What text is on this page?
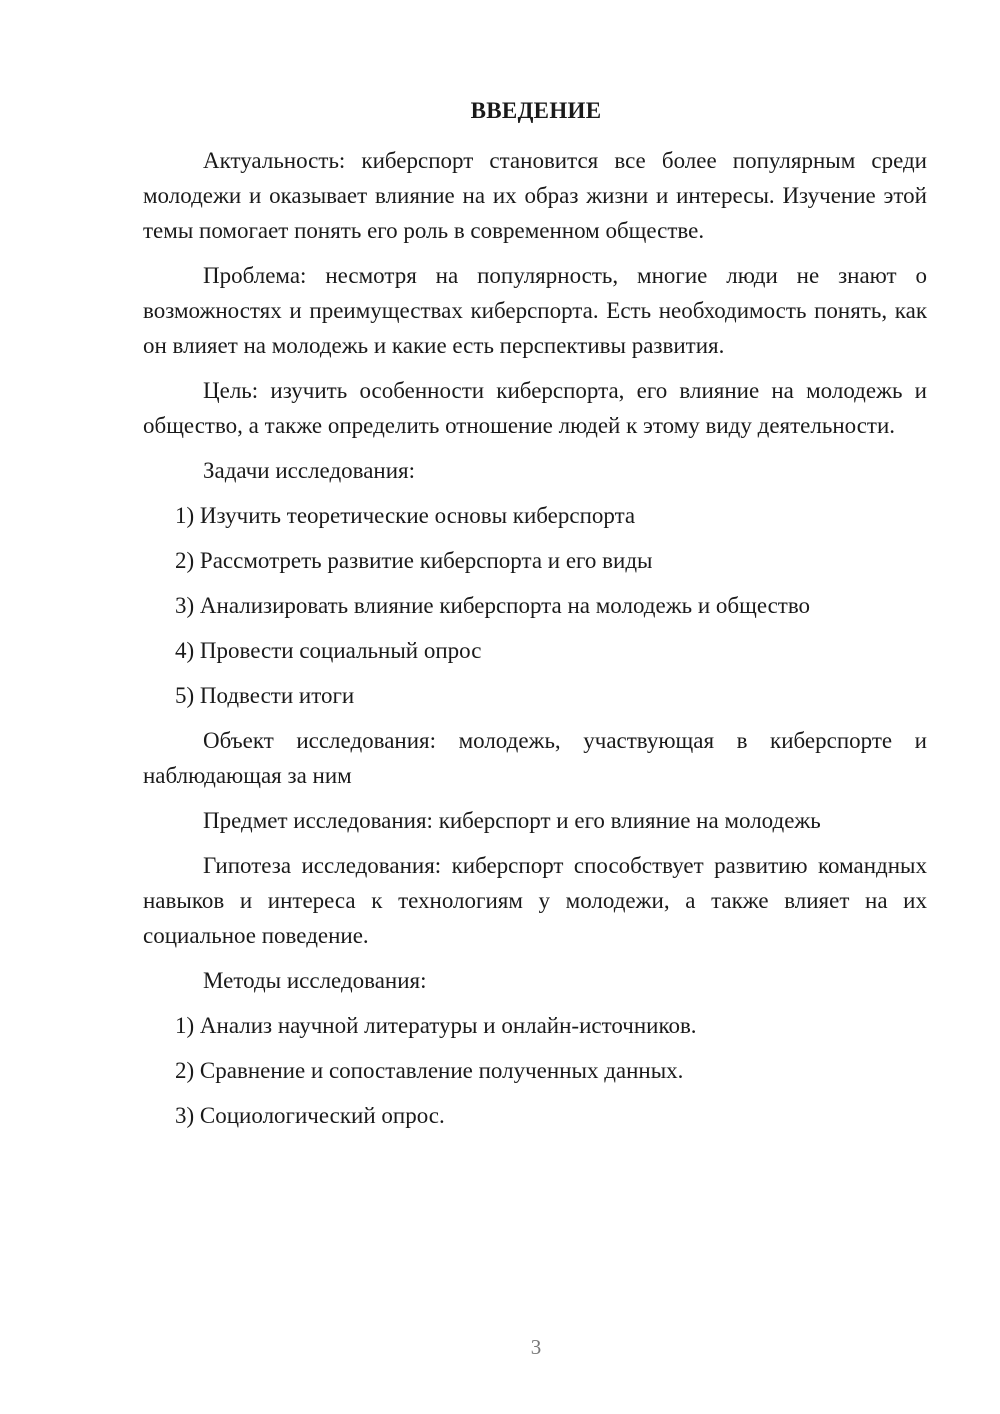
ВВЕДЕНИЕ

Актуальность: киберспорт становится все более популярным среди молодежи и оказывает влияние на их образ жизни и интересы. Изучение этой темы помогает понять его роль в современном обществе.

Проблема: несмотря на популярность, многие люди не знают о возможностях и преимуществах киберспорта. Есть необходимость понять, как он влияет на молодежь и какие есть перспективы развития.

Цель: изучить особенности киберспорта, его влияние на молодежь и общество, а также определить отношение людей к этому виду деятельности.

Задачи исследования:

1) Изучить теоретические основы киберспорта
2) Рассмотреть развитие киберспорта и его виды
3) Анализировать влияние киберспорта на молодежь и общество
4) Провести социальный опрос
5) Подвести итоги

Объект исследования: молодежь, участвующая в киберспорте и наблюдающая за ним

Предмет исследования: киберспорт и его влияние на молодежь

Гипотеза исследования: киберспорт способствует развитию командных навыков и интереса к технологиям у молодежи, а также влияет на их социальное поведение.

Методы исследования:

1) Анализ научной литературы и онлайн-источников.
2) Сравнение и сопоставление полученных данных.
3) Социологический опрос.
3
